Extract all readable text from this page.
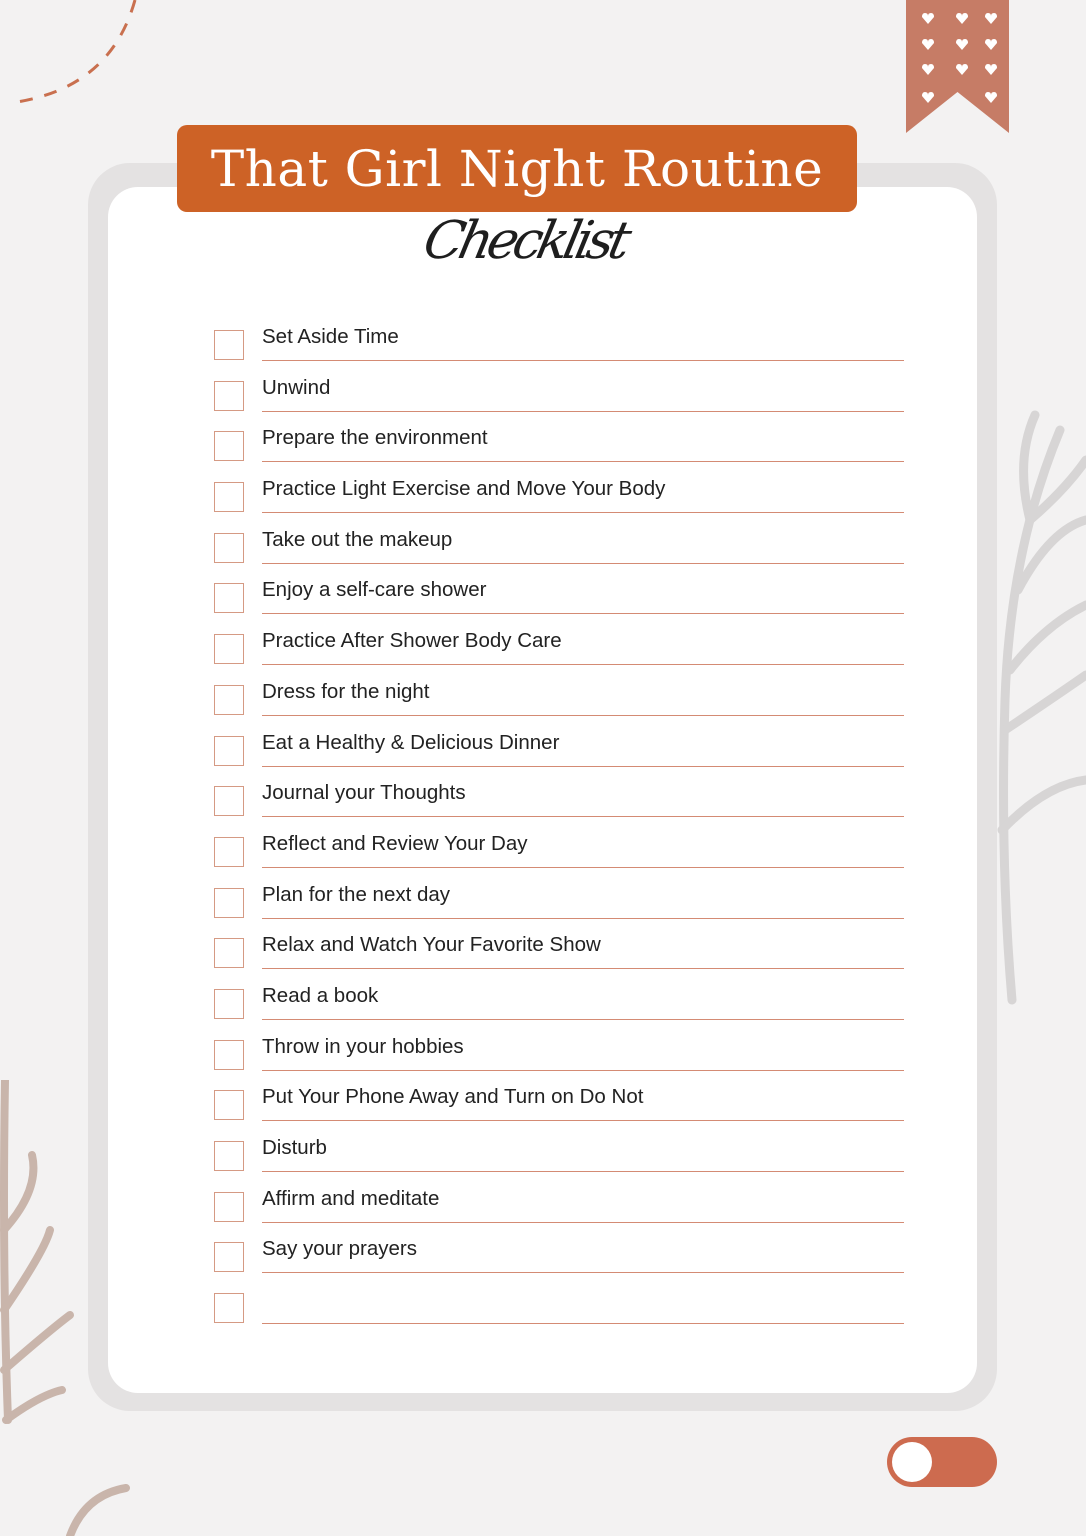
That Girl Night Routine
Checklist
Set Aside Time
Unwind
Prepare the environment
Practice Light Exercise and Move Your Body
Take out the makeup
Enjoy a self-care shower
Practice After Shower Body Care
Dress for the night
Eat a Healthy & Delicious Dinner
Journal your Thoughts
Reflect and Review Your Day
Plan for the next day
Relax and Watch Your Favorite Show
Read a book
Throw in your hobbies
Put Your Phone Away and Turn on Do Not
Disturb
Affirm and meditate
Say your prayers
